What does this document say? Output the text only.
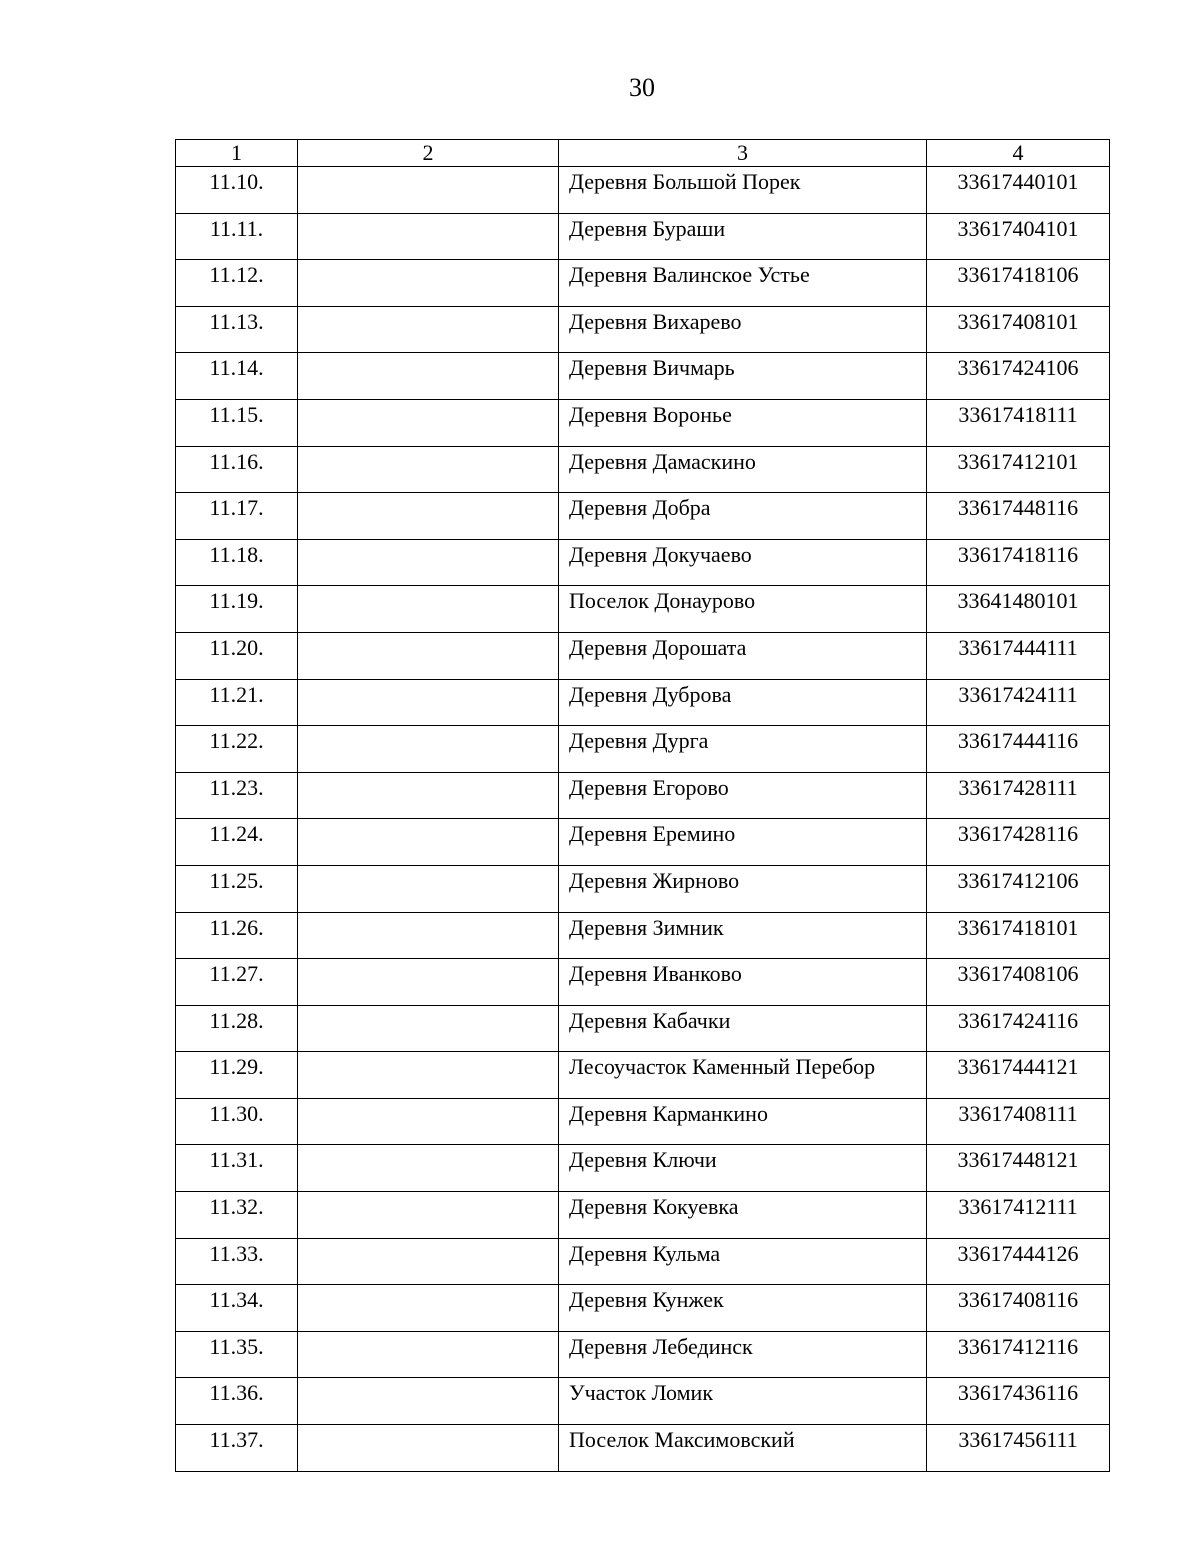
30
1	2	3	4
11.10.		Деревня Большой Порек	33617440101
11.11.		Деревня Бураши	33617404101
11.12.		Деревня Валинское Устье	33617418106
11.13.		Деревня Вихарево	33617408101
11.14.		Деревня Вичмарь	33617424106
11.15.		Деревня Воронье	33617418111
11.16.		Деревня Дамаскино	33617412101
11.17.		Деревня Добра	33617448116
11.18.		Деревня Докучаево	33617418116
11.19.		Поселок Донаурово	33641480101
11.20.		Деревня Дорошата	33617444111
11.21.		Деревня Дуброва	33617424111
11.22.		Деревня Дурга	33617444116
11.23.		Деревня Егорово	33617428111
11.24.		Деревня Еремино	33617428116
11.25.		Деревня Жирново	33617412106
11.26.		Деревня Зимник	33617418101
11.27.		Деревня Иванково	33617408106
11.28.		Деревня Кабачки	33617424116
11.29.		Лесоучасток Каменный Перебор	33617444121
11.30.		Деревня Карманкино	33617408111
11.31.		Деревня Ключи	33617448121
11.32.		Деревня Кокуевка	33617412111
11.33.		Деревня Кульма	33617444126
11.34.		Деревня Кунжек	33617408116
11.35.		Деревня Лебединск	33617412116
11.36.		Участок Ломик	33617436116
11.37.		Поселок Максимовский	33617456111
